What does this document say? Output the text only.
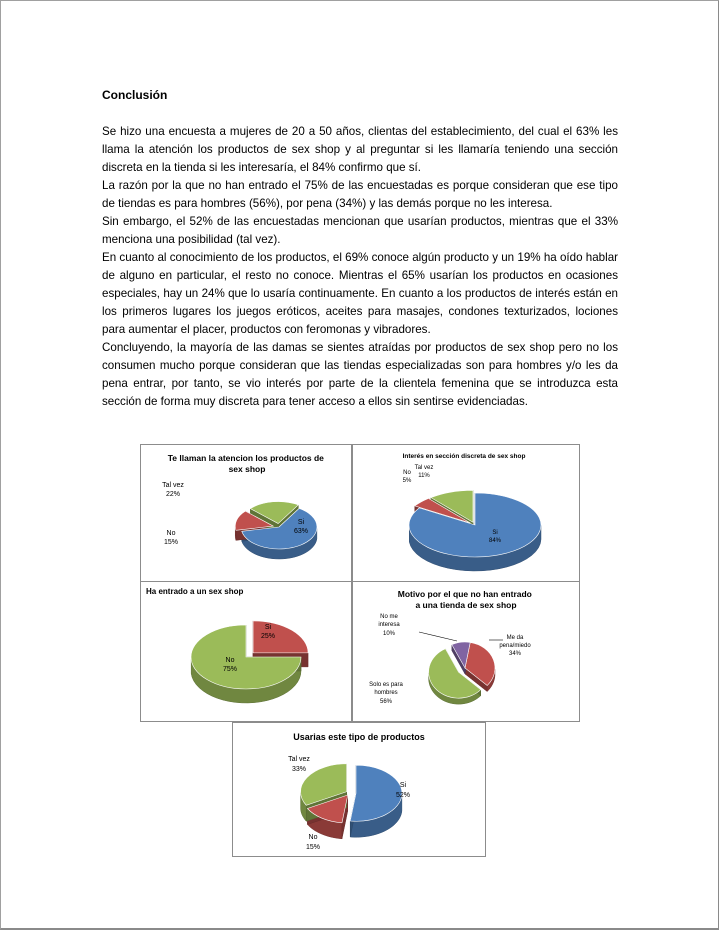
Conclusión

Se hizo una encuesta a mujeres de 20 a 50 años, clientas del establecimiento, del cual el 63% les llama la atención los productos de sex shop y al preguntar si les llamaría teniendo una sección discreta en la tienda si les interesaría, el 84% confirmo que sí.

La razón por la que no han entrado el 75% de las encuestadas es porque consideran que ese tipo de tiendas es para hombres (56%), por pena (34%) y las demás porque no les interesa.

Sin embargo, el 52% de las encuestadas mencionan que usarían productos, mientras que el 33% menciona una posibilidad (tal vez).

En cuanto al conocimiento de los productos, el 69% conoce algún producto y un 19% ha oído hablar de alguno en particular, el resto no conoce. Mientras el 65% usarían los productos en ocasiones especiales, hay un 24% que lo usaría continuamente. En cuanto a los productos de interés están en los primeros lugares los juegos eróticos, aceites para masajes, condones texturizados, lociones para aumentar el placer, productos con feromonas y vibradores.

Concluyendo, la mayoría de las damas se sientes atraídas por productos de sex shop pero no los consumen mucho porque consideran que las tiendas especializadas son para hombres y/o les da pena entrar, por tanto, se vio interés por parte de la clientela femenina que se introduzca esta sección de forma muy discreta para tener acceso a ellos sin sentirse evidenciadas.

Te llaman la atencion los productos de sex shop
Si
63%
No
15%
Tal vez
22%
Interés en sección discreta de sex shop
Si
84%
No
5%
Tal vez
11%
Ha entrado a un sex shop
Si
25%
No
75%
Motivo por el que no han entrado a una tienda de sex shop
Me da
pena/miedo
34%
Solo es para
hombres
56%
No me
interesa
10%
Usarias este tipo de productos
Si
52%
No
15%
Tal vez
33%
